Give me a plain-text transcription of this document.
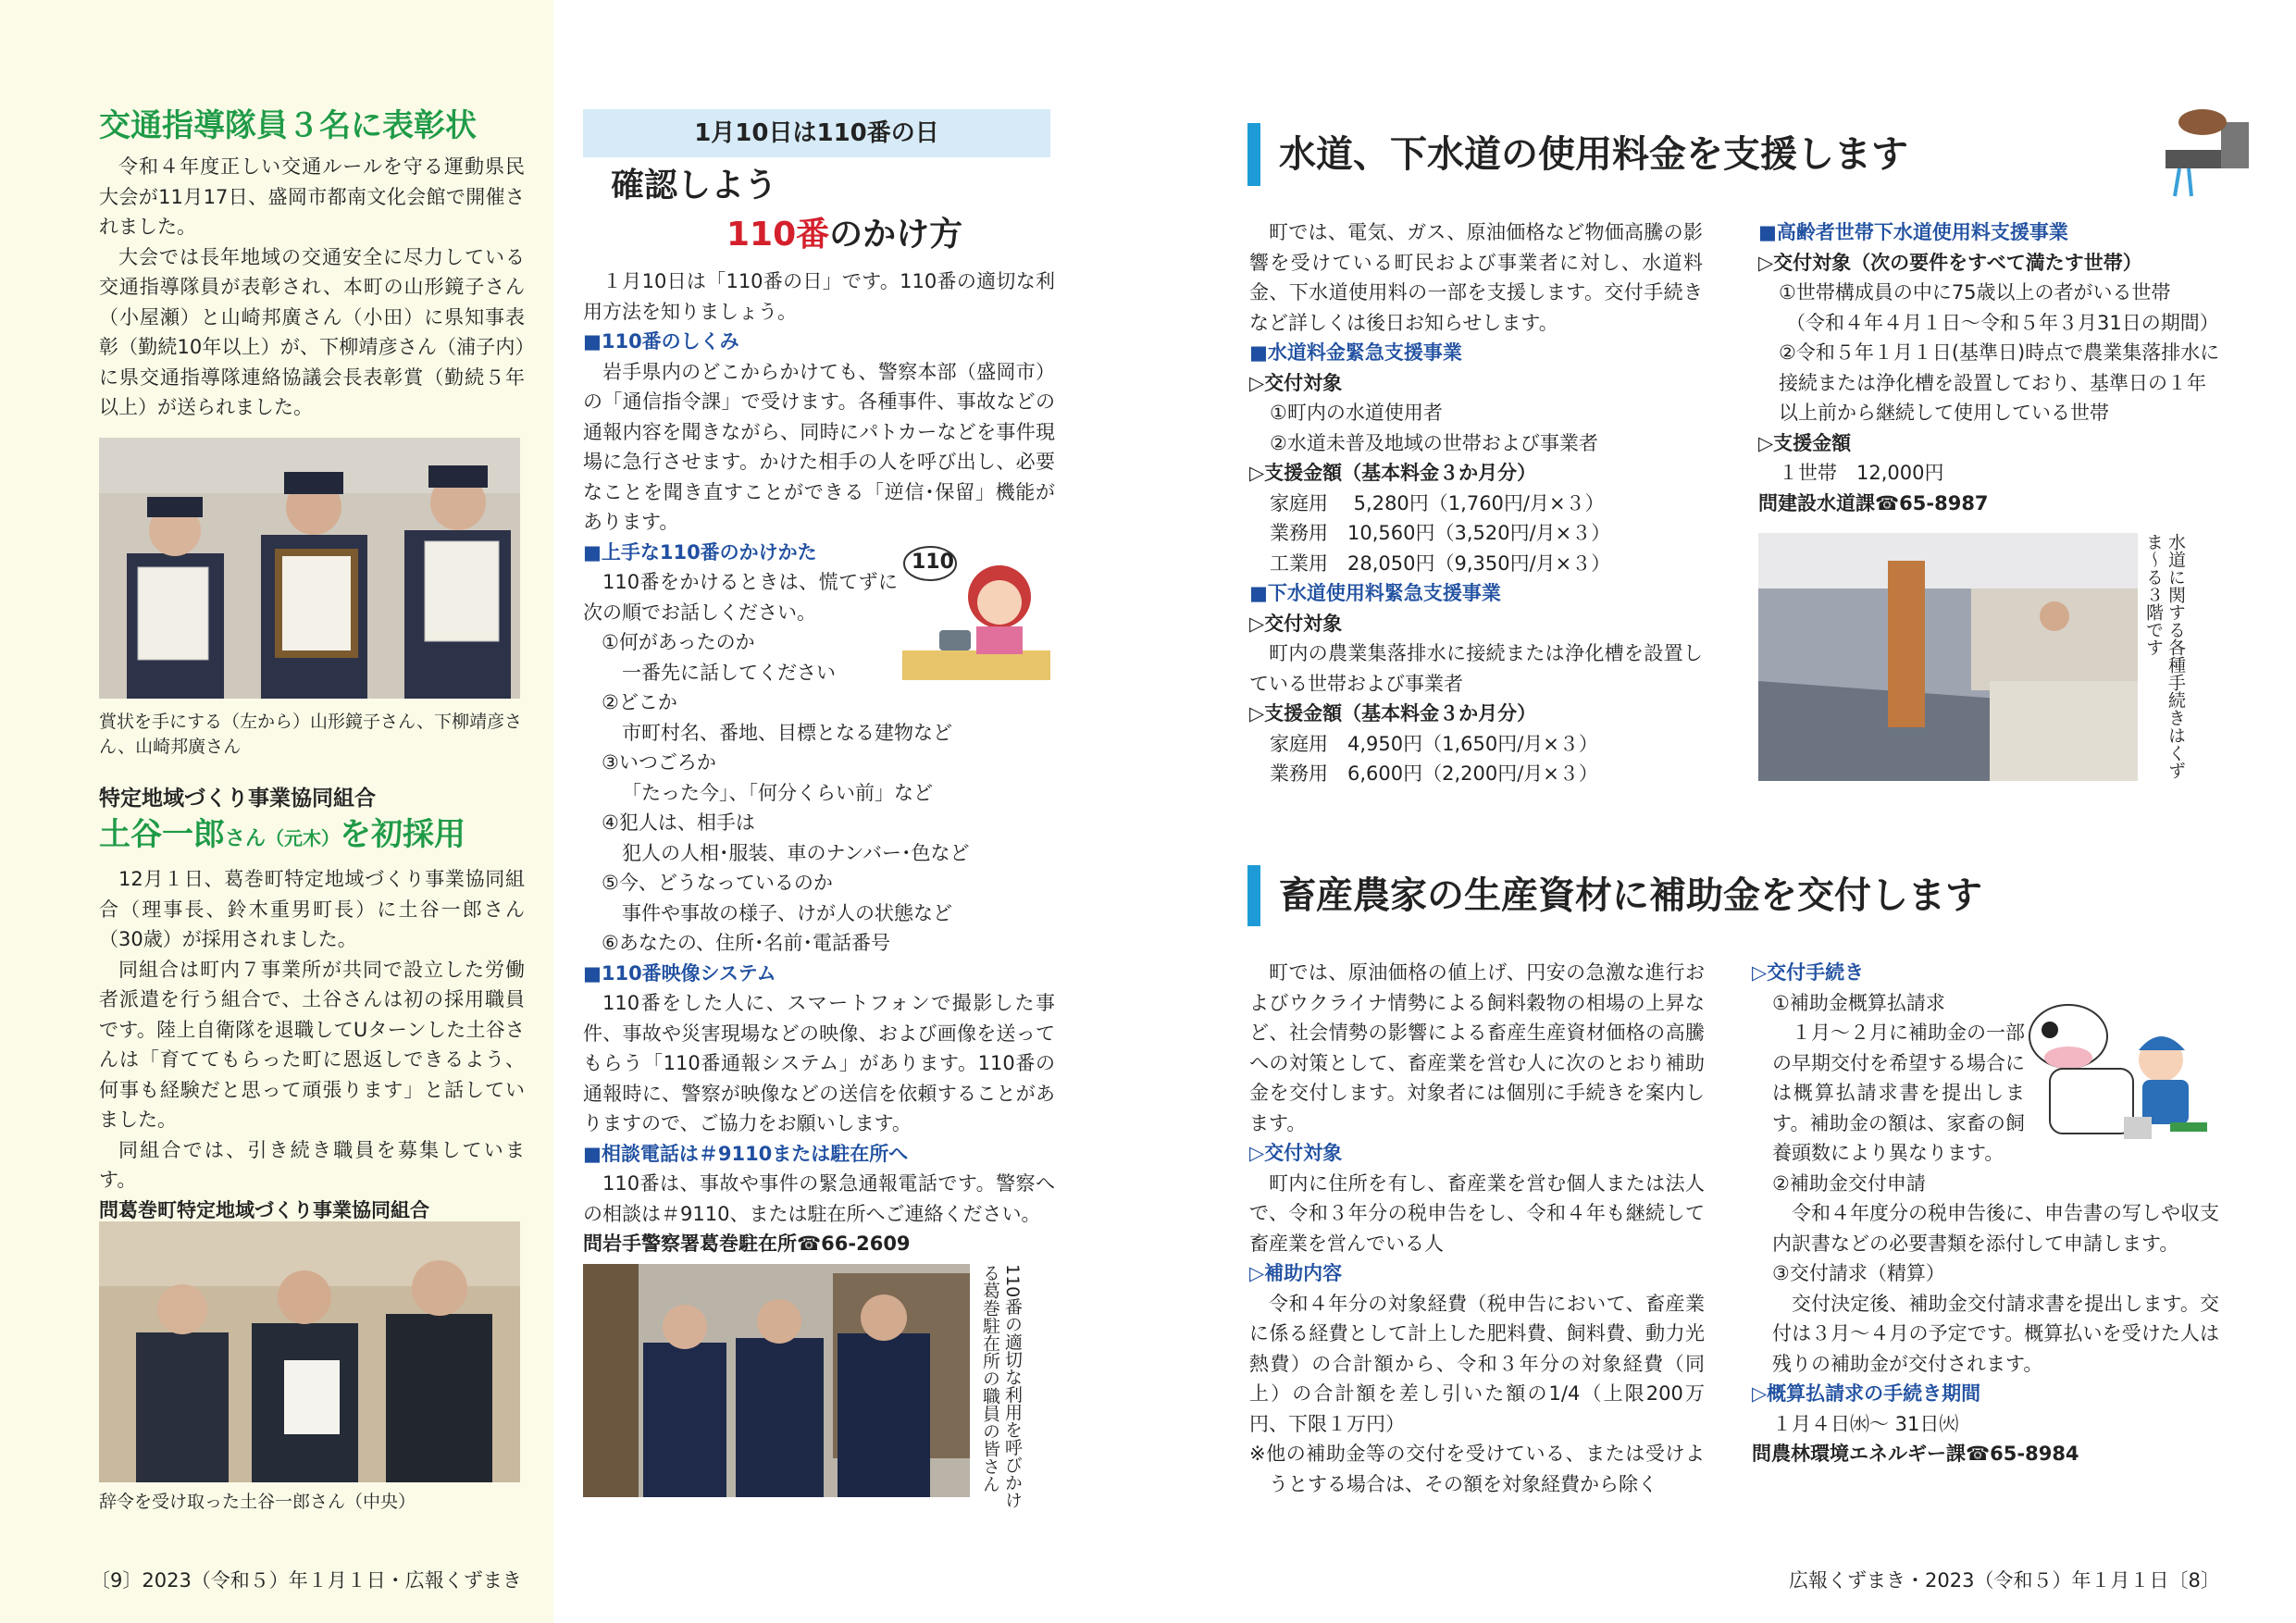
交通指導隊員３名に表彰状

令和４年度正しい交通ルールを守る運動県民大会が11月17日、盛岡市都南文化会館で開催されました。

大会では長年地域の交通安全に尽力している交通指導隊員が表彰され、本町の山形鏡子さん（小屋瀬）と山崎邦廣さん（小田）に県知事表彰（勤続10年以上）が、下柳靖彦さん（浦子内）に県交通指導隊連絡協議会長表彰賞（勤続５年以上）が送られました。

賞状を手にする（左から）山形鏡子さん、下柳靖彦さん、山崎邦廣さん

特定地域づくり事業協同組合
土谷一郎さん（元木）を初採用

12月１日、葛巻町特定地域づくり事業協同組合（理事長、鈴木重男町長）に土谷一郎さん（30歳）が採用されました。

同組合は町内７事業所が共同で設立した労働者派遣を行う組合で、土谷さんは初の採用職員です。陸上自衛隊を退職してUターンした土谷さんは「育ててもらった町に恩返しできるよう、何事も経験だと思って頑張ります」と話していました。

同組合では、引き続き職員を募集しています。

問葛巻町特定地域づくり事業協同組合

辞令を受け取った土谷一郎さん（中央）

〔9〕2023（令和５）年１月１日・広報くずまき
1月10日は110番の日
確認しよう
110番のかけ方

１月10日は「110番の日」です。110番の適切な利用方法を知りましょう。

■110番のしくみ

岩手県内のどこからかけても、警察本部（盛岡市）の「通信指令課」で受けます。各種事件、事故などの通報内容を聞きながら、同時にパトカーなどを事件現場に急行させます。かけた相手の人を呼び出し、必要なことを聞き直すことができる「逆信･保留」機能があります。

■上手な110番のかけかた

110番をかけるときは、慌てずに次の順でお話しください。

①何があったのか

一番先に話してください

②どこか

市町村名、番地、目標となる建物など

③いつごろか

「たった今」、「何分くらい前」など

④犯人は、相手は

犯人の人相･服装、車のナンバー･色など

⑤今、どうなっているのか

事件や事故の様子、けが人の状態など

⑥あなたの、住所･名前･電話番号

■110番映像システム

110番をした人に、スマートフォンで撮影した事件、事故や災害現場などの映像、および画像を送ってもらう「110番通報システム」があります。110番の通報時に、警察が映像などの送信を依頼することがありますので、ご協力をお願いします。

■相談電話は＃9110または駐在所へ

110番は、事故や事件の緊急通報電話です。警察への相談は＃9110、または駐在所へご連絡ください。

問岩手警察署葛巻駐在所☎66-2609

110
110番の適切な利用を呼びかける葛巻駐在所の職員の皆さん
水道、下水道の使用料金を支援します

町では、電気、ガス、原油価格など物価高騰の影響を受けている町民および事業者に対し、水道料金、下水道使用料の一部を支援します。交付手続きなど詳しくは後日お知らせします。

■水道料金緊急支援事業

▷交付対象

①町内の水道使用者

②水道未普及地域の世帯および事業者

▷支援金額（基本料金３か月分）

家庭用　 5,280円（1,760円/月×３）

業務用　10,560円（3,520円/月×３）

工業用　28,050円（9,350円/月×３）

■下水道使用料緊急支援事業

▷交付対象

町内の農業集落排水に接続または浄化槽を設置している世帯および事業者

▷支援金額（基本料金３か月分）

家庭用　4,950円（1,650円/月×３）

業務用　6,600円（2,200円/月×３）

■高齢者世帯下水道使用料支援事業

▷交付対象（次の要件をすべて満たす世帯）

①世帯構成員の中に75歳以上の者がいる世帯

（令和４年４月１日～令和５年３月31日の期間）

②令和５年１月１日(基準日)時点で農業集落排水に接続または浄化槽を設置しており、基準日の１年以上前から継続して使用している世帯

▷支援金額

１世帯　12,000円

問建設水道課☎65-8987

水道に関する各種手続きはくずま～る３階です
畜産農家の生産資材に補助金を交付します

町では、原油価格の値上げ、円安の急激な進行およびウクライナ情勢による飼料穀物の相場の上昇など、社会情勢の影響による畜産生産資材価格の高騰への対策として、畜産業を営む人に次のとおり補助金を交付します。対象者には個別に手続きを案内します。

▷交付対象

町内に住所を有し、畜産業を営む個人または法人で、令和３年分の税申告をし、令和４年も継続して畜産業を営んでいる人

▷補助内容

令和４年分の対象経費（税申告において、畜産業に係る経費として計上した肥料費、飼料費、動力光熱費）の合計額から、令和３年分の対象経費（同上）の合計額を差し引いた額の1/4（上限200万円、下限１万円）

※他の補助金等の交付を受けている、または受けようとする場合は、その額を対象経費から除く

▷交付手続き

①補助金概算払請求

１月～２月に補助金の一部の早期交付を希望する場合には概算払請求書を提出します。補助金の額は、家畜の飼養頭数により異なります。

②補助金交付申請

令和４年度分の税申告後に、申告書の写しや収支内訳書などの必要書類を添付して申請します。

③交付請求（精算）

交付決定後、補助金交付請求書を提出します。交付は３月～４月の予定です。概算払いを受けた人は残りの補助金が交付されます。

▷概算払請求の手続き期間

１月４日㈬～ 31日㈫

問農林環境エネルギー課☎65-8984

広報くずまき・2023（令和５）年１月１日〔8〕
